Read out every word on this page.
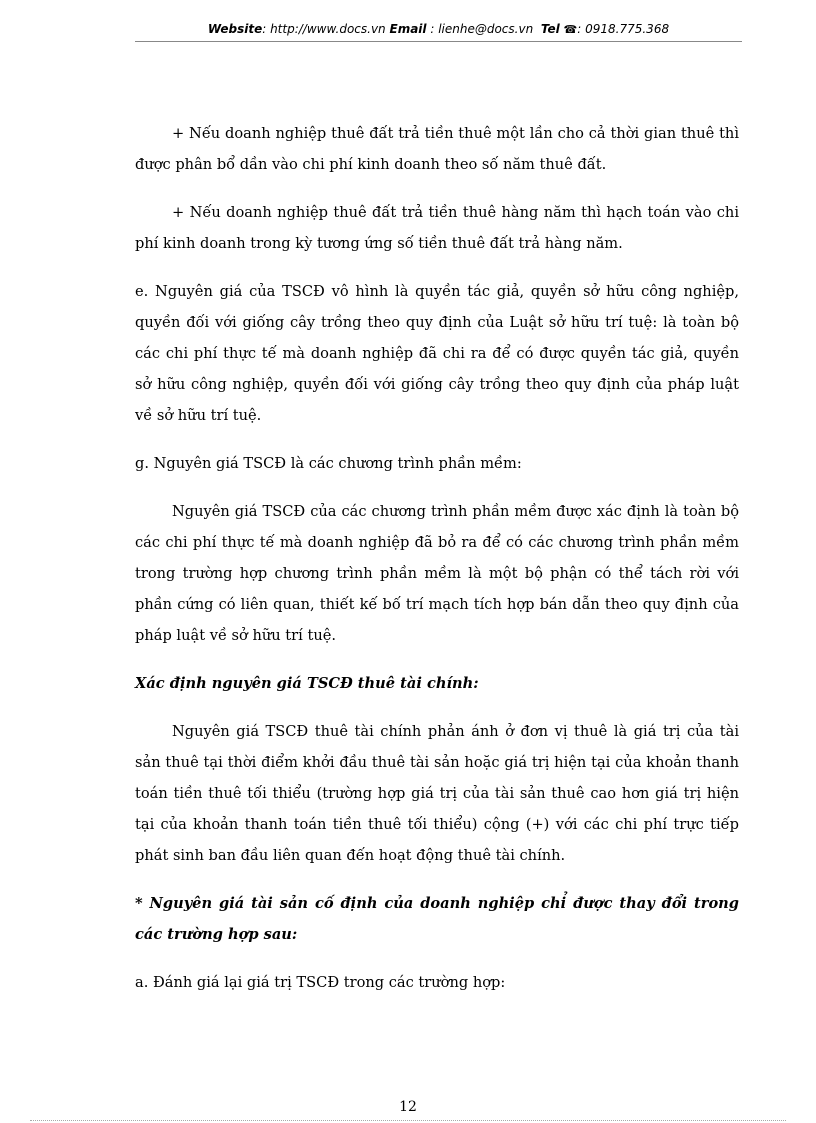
Website: http://www.docs.vn Email : lienhe@docs.vn Tel ☎: 0918.775.368

+ Nếu doanh nghiệp thuê đất trả tiền thuê một lần cho cả thời gian thuê thì được phân bổ dần vào chi phí kinh doanh theo số năm thuê đất.

+ Nếu doanh nghiệp thuê đất trả tiền thuê hàng năm thì hạch toán vào chi phí kinh doanh trong kỳ tương ứng số tiền thuê đất trả hàng năm.

e. Nguyên giá của TSCĐ vô hình là quyền tác giả, quyền sở hữu công nghiệp, quyền đối với giống cây trồng theo quy định của Luật sở hữu trí tuệ: là toàn bộ các chi phí thực tế mà doanh nghiệp đã chi ra để có được quyền tác giả, quyền sở hữu công nghiệp, quyền đối với giống cây trồng theo quy định của pháp luật về sở hữu trí tuệ.

g. Nguyên giá TSCĐ là các chương trình phần mềm:

Nguyên giá TSCĐ của các chương trình phần mềm được xác định là toàn bộ các chi phí thực tế mà doanh nghiệp đã bỏ ra để có các chương trình phần mềm trong trường hợp chương trình phần mềm là một bộ phận có thể tách rời với phần cứng có liên quan, thiết kế bố trí mạch tích hợp bán dẫn theo quy định của pháp luật về sở hữu trí tuệ.

Xác định nguyên giá TSCĐ thuê tài chính:

Nguyên giá TSCĐ thuê tài chính phản ánh ở đơn vị thuê là giá trị của tài sản thuê tại thời điểm khởi đầu thuê tài sản hoặc giá trị hiện tại của khoản thanh toán tiền thuê tối thiểu (trường hợp giá trị của tài sản thuê cao hơn giá trị hiện tại của khoản thanh toán tiền thuê tối thiểu) cộng (+) với các chi phí trực tiếp phát sinh ban đầu liên quan đến hoạt động thuê tài chính.

* Nguyên giá tài sản cố định của doanh nghiệp chỉ được thay đổi trong các trường hợp sau:

a. Đánh giá lại giá trị TSCĐ trong các trường hợp:

12
